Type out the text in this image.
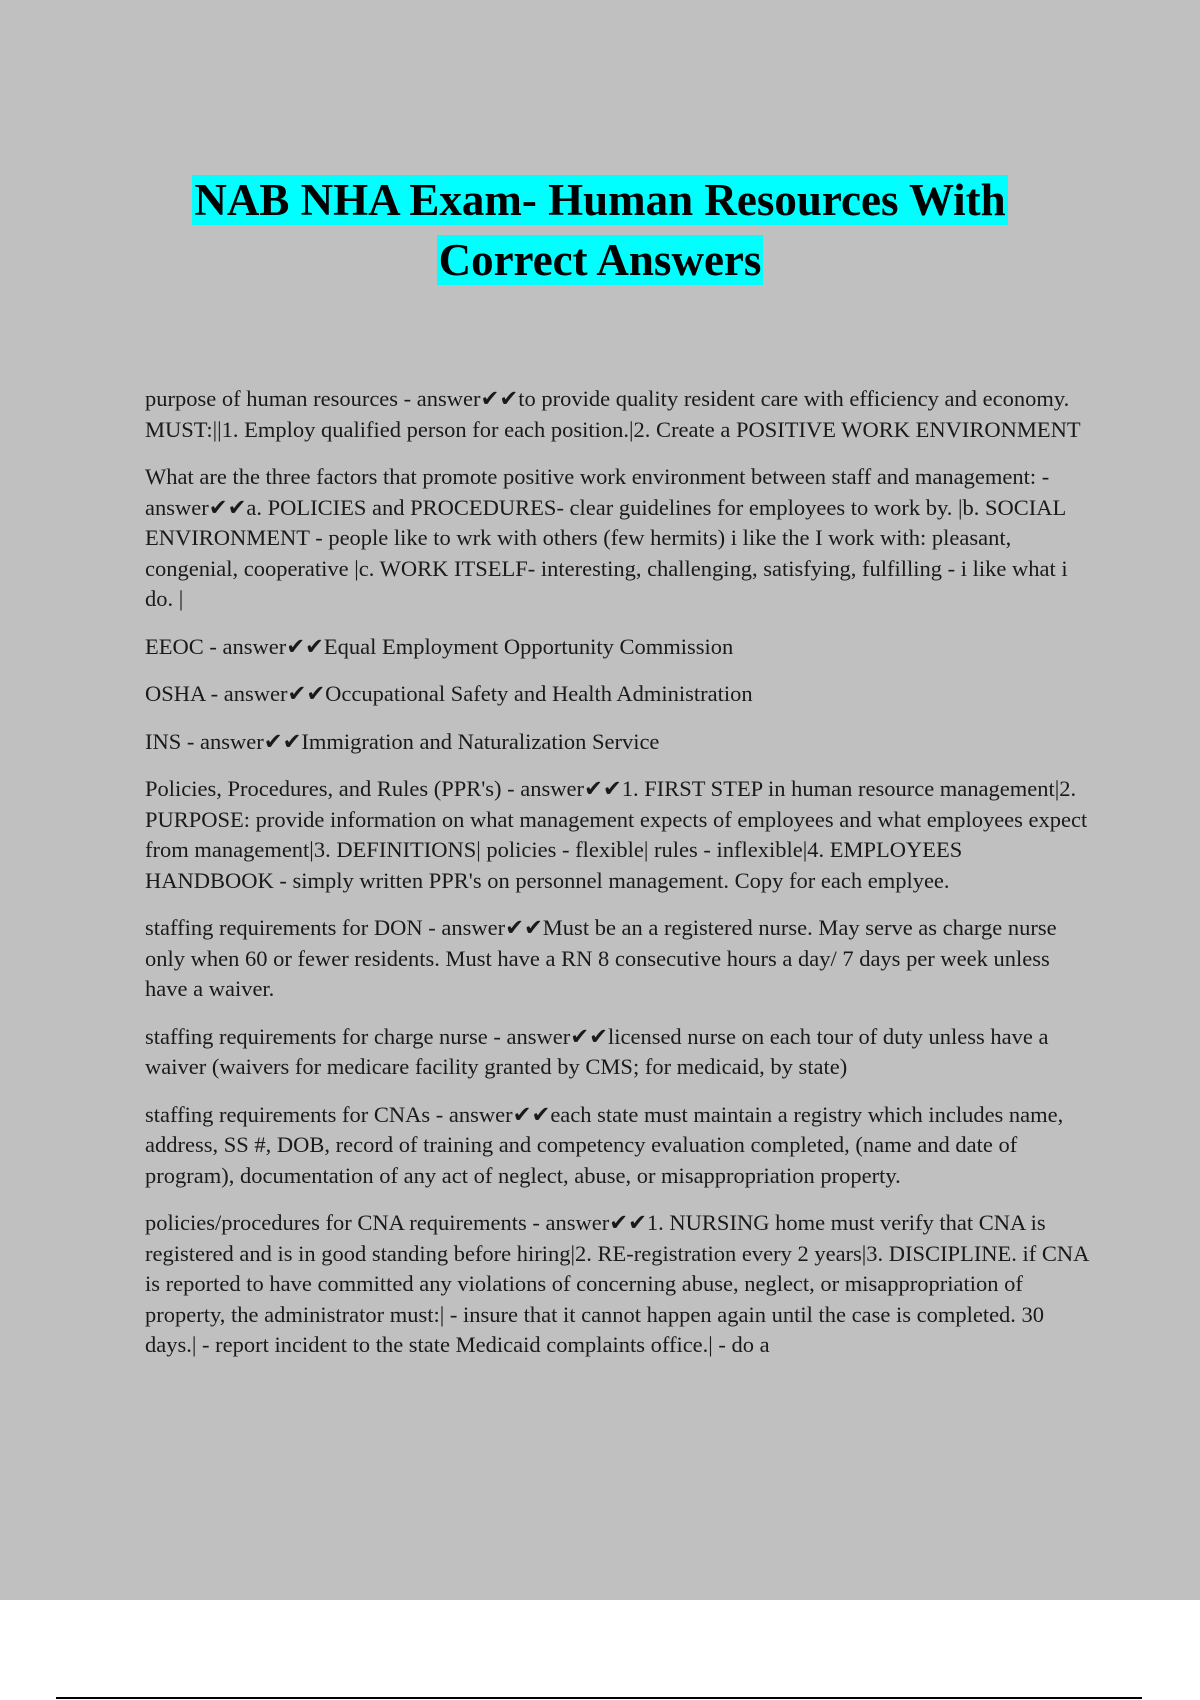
NAB NHA Exam- Human Resources With
Correct Answers

purpose of human resources - answer✔✔to provide quality resident care with efficiency and economy. MUST:||1. Employ qualified person for each position.|2. Create a POSITIVE WORK ENVIRONMENT

What are the three factors that promote positive work environment between staff and management: - answer✔✔a. POLICIES and PROCEDURES- clear guidelines for employees to work by. |b. SOCIAL ENVIRONMENT - people like to wrk with others (few hermits) i like the I work with: pleasant, congenial, cooperative |c. WORK ITSELF- interesting, challenging, satisfying, fulfilling - i like what i do. |

EEOC - answer✔✔Equal Employment Opportunity Commission

OSHA - answer✔✔Occupational Safety and Health Administration

INS - answer✔✔Immigration and Naturalization Service

Policies, Procedures, and Rules (PPR's) - answer✔✔1. FIRST STEP in human resource management|2. PURPOSE: provide information on what management expects of employees and what employees expect from management|3. DEFINITIONS| policies - flexible| rules - inflexible|4. EMPLOYEES HANDBOOK - simply written PPR's on personnel management. Copy for each emplyee.

staffing requirements for DON - answer✔✔Must be an a registered nurse. May serve as charge nurse only when 60 or fewer residents. Must have a RN 8 consecutive hours a day/ 7 days per week unless have a waiver.

staffing requirements for charge nurse - answer✔✔licensed nurse on each tour of duty unless have a waiver (waivers for medicare facility granted by CMS; for medicaid, by state)

staffing requirements for CNAs - answer✔✔each state must maintain a registry which includes name, address, SS #, DOB, record of training and competency evaluation completed, (name and date of program), documentation of any act of neglect, abuse, or misappropriation property.

policies/procedures for CNA requirements - answer✔✔1. NURSING home must verify that CNA is registered and is in good standing before hiring|2. RE-registration every 2 years|3. DISCIPLINE. if CNA is reported to have committed any violations of concerning abuse, neglect, or misappropriation of property, the administrator must:| - insure that it cannot happen again until the case is completed. 30 days.| - report incident to the state Medicaid complaints office.| - do a
